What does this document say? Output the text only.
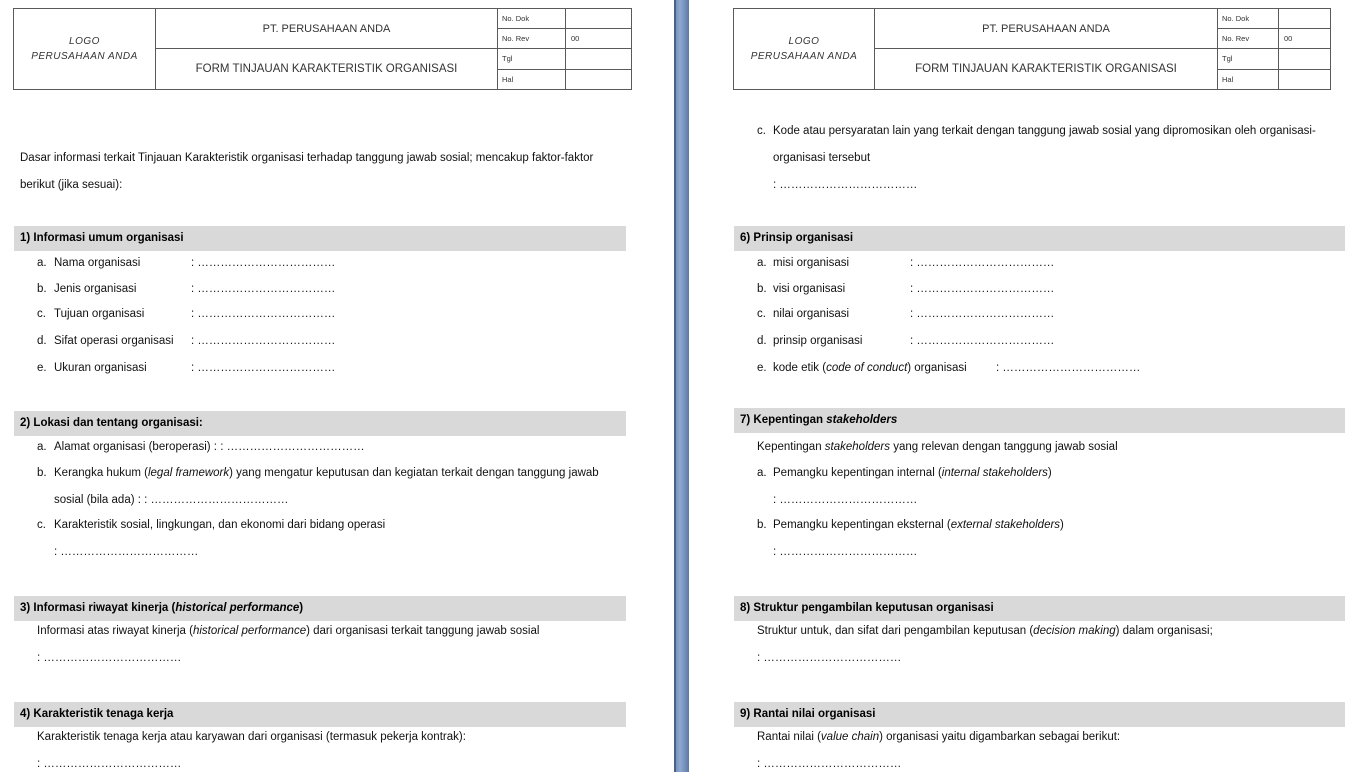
LOGO
PERUSAHAAN ANDA	PT. PERUSAHAAN ANDA	No. Dok	
		No. Rev	00
	FORM TINJAUAN KARAKTERISTIK ORGANISASI	Tgl	
		Hal	
Dasar informasi terkait Tinjauan Karakteristik organisasi terhadap tanggung jawab sosial; mencakup faktor-faktor
berikut (jika sesuai):
1) Informasi umum organisasi
a. Nama organisasi	: ………………………………
b. Jenis organisasi	: ………………………………
c. Tujuan organisasi	: ………………………………
d. Sifat operasi organisasi : ………………………………
e. Ukuran organisasi	: ………………………………
2) Lokasi dan tentang organisasi:
a. Alamat organisasi (beroperasi) : : ………………………………
b. Kerangka hukum (legal framework) yang mengatur keputusan dan kegiatan terkait dengan tanggung jawab
sosial (bila ada) : : ………………………………
c. Karakteristik sosial, lingkungan, dan ekonomi dari bidang operasi
: ………………………………
3) Informasi riwayat kinerja (historical performance)
Informasi atas riwayat kinerja (historical performance) dari organisasi terkait tanggung jawab sosial
: ………………………………
4) Karakteristik tenaga kerja
Karakteristik tenaga kerja atau karyawan dari organisasi (termasuk pekerja kontrak):
: ………………………………
LOGO
PERUSAHAAN ANDA	PT. PERUSAHAAN ANDA	No. Dok	
		No. Rev	00
	FORM TINJAUAN KARAKTERISTIK ORGANISASI	Tgl	
		Hal	
c. Kode atau persyaratan lain yang terkait dengan tanggung jawab sosial yang dipromosikan oleh organisasi-
organisasi tersebut
: ………………………………
6) Prinsip organisasi
a. misi organisasi	: ………………………………
b. visi organisasi	: ………………………………
c. nilai organisasi	: ………………………………
d. prinsip organisasi	: ………………………………
e. kode etik (code of conduct) organisasi	: ………………………………
7) Kepentingan stakeholders
Kepentingan stakeholders yang relevan dengan tanggung jawab sosial
a. Pemangku kepentingan internal (internal stakeholders)
: ………………………………
b. Pemangku kepentingan eksternal (external stakeholders)
: ………………………………
8) Struktur pengambilan keputusan organisasi
Struktur untuk, dan sifat dari pengambilan keputusan (decision making) dalam organisasi;
: ………………………………
9) Rantai nilai organisasi
Rantai nilai (value chain) organisasi yaitu digambarkan sebagai berikut:
: ………………………………
